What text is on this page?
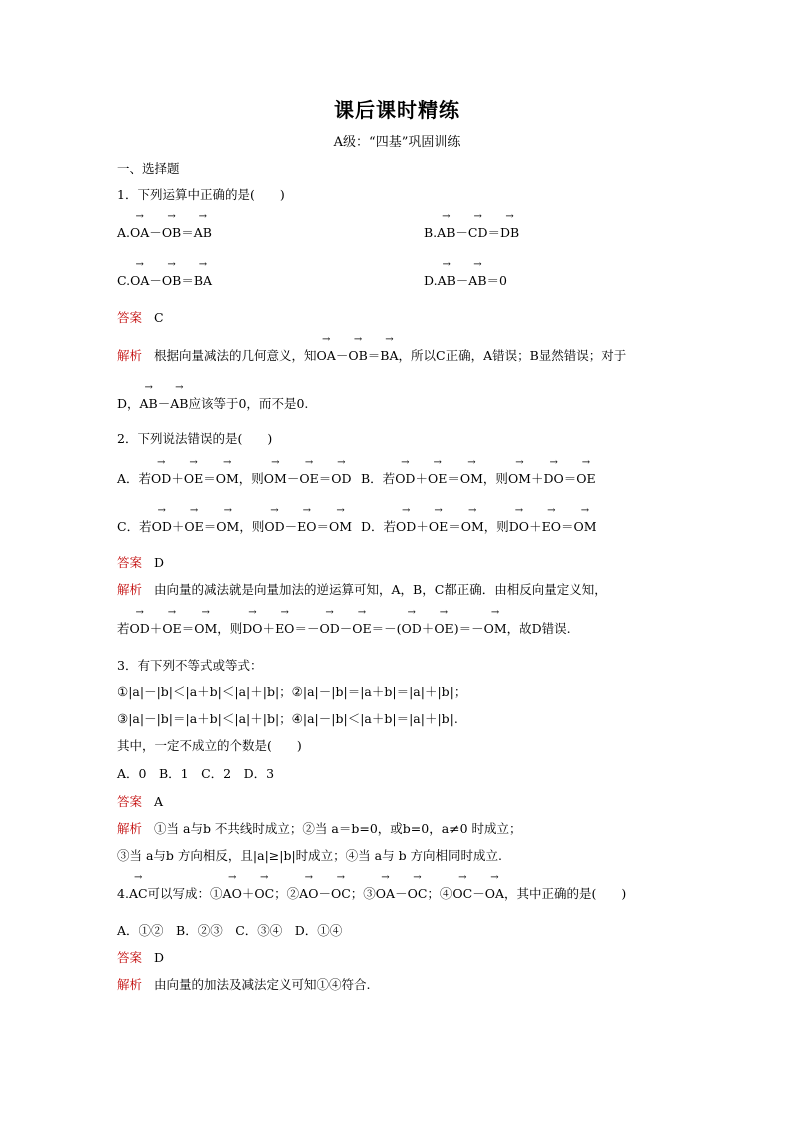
课后课时精练
A级：“四基”巩固训练
一、选择题
1．下列运算中正确的是(　　)
A.→ OA－→ OB＝→ AB	B.→ AB－→ CD＝→ DB
C.→ OA－→ OB＝→ BA	D.→ AB－→ AB＝0
答案 C
解析 根据向量减法的几何意义，知→ OA－→ OB＝→ BA，所以C正确，A错误；B显然错误；对于
D，→ AB－→ AB应该等于0，而不是0.
2．下列说法错误的是(　　)
A．若→ OD＋→ OE＝→ OM，则→ OM－→ OE＝→ OD B．若→ OD＋→ OE＝→ OM，则→ OM＋→ DO＝→ OE
C．若→ OD＋→ OE＝→ OM，则→ OD－→ EO＝→ OM D．若→ OD＋→ OE＝→ OM，则→ DO＋→ EO＝→ OM
答案 D
解析 由向量的减法就是向量加法的逆运算可知，A，B，C都正确．由相反向量定义知，
若→ OD＋→ OE＝→ OM，则→ DO＋→ EO＝－→ OD－→ OE＝－(→ OD＋→ OE)＝－→ OM，故D错误.
3．有下列不等式或等式：
①|a|－|b|＜|a＋b|＜|a|＋|b|；②|a|－|b|＝|a＋b|＝|a|＋|b|；
③|a|－|b|＝|a＋b|＜|a|＋|b|；④|a|－|b|＜|a＋b|＝|a|＋|b|.
其中，一定不成立的个数是(　　)
A．0　B．1　C．2　D．3
答案 A
解析 ①当 a与b 不共线时成立；②当 a＝b=0，或b=0，a≠0 时成立；
③当 a与b 方向相反，且|a|≥|b|时成立；④当 a与 b 方向相同时成立.
4.→ AC可以写成：①→ AO＋→ OC；②→ AO－→ OC；③→ OA－→ OC；④→ OC－→ OA，其中正确的是(　　)
A．①②　B．②③　C．③④　D．①④
答案 D
解析 由向量的加法及减法定义可知①④符合.
